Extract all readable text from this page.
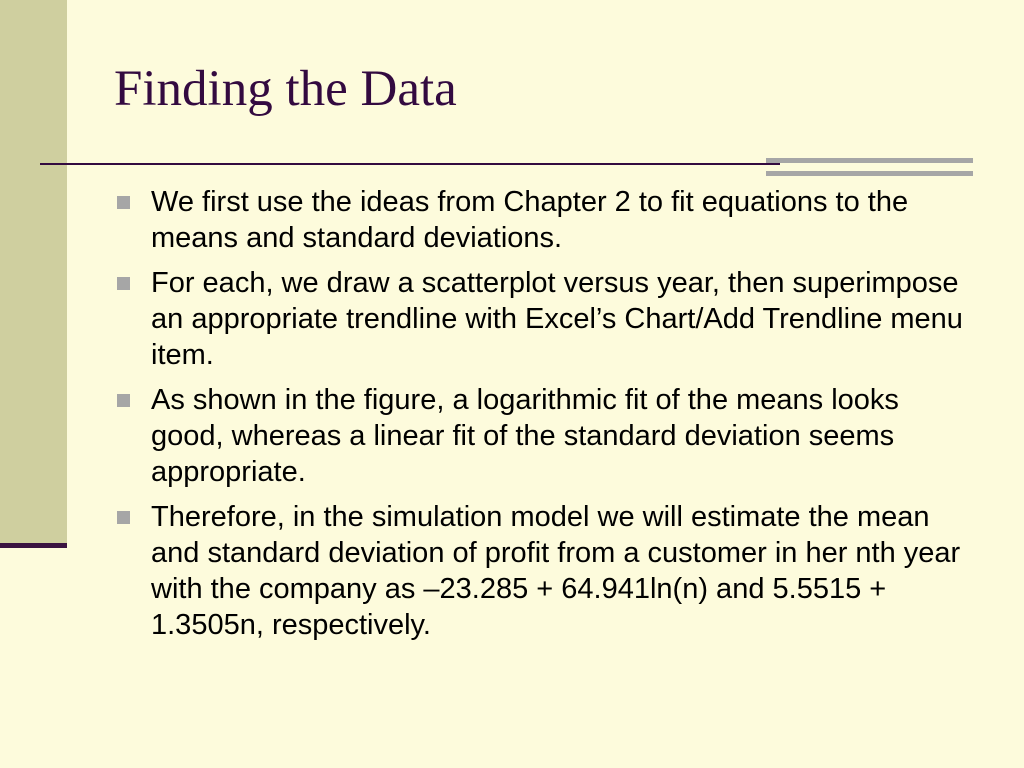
Finding the Data
We first use the ideas from Chapter 2 to fit equations to the means and standard deviations.
For each, we draw a scatterplot versus year, then superimpose an appropriate trendline with Excel’s Chart/Add Trendline menu item.
As shown in the figure, a logarithmic fit of the means looks good, whereas a linear fit of the standard deviation seems appropriate.
Therefore, in the simulation model we will estimate the mean and standard deviation of profit from a customer in her nth year with the company as –23.285 + 64.941ln(n) and 5.5515 + 1.3505n, respectively.
